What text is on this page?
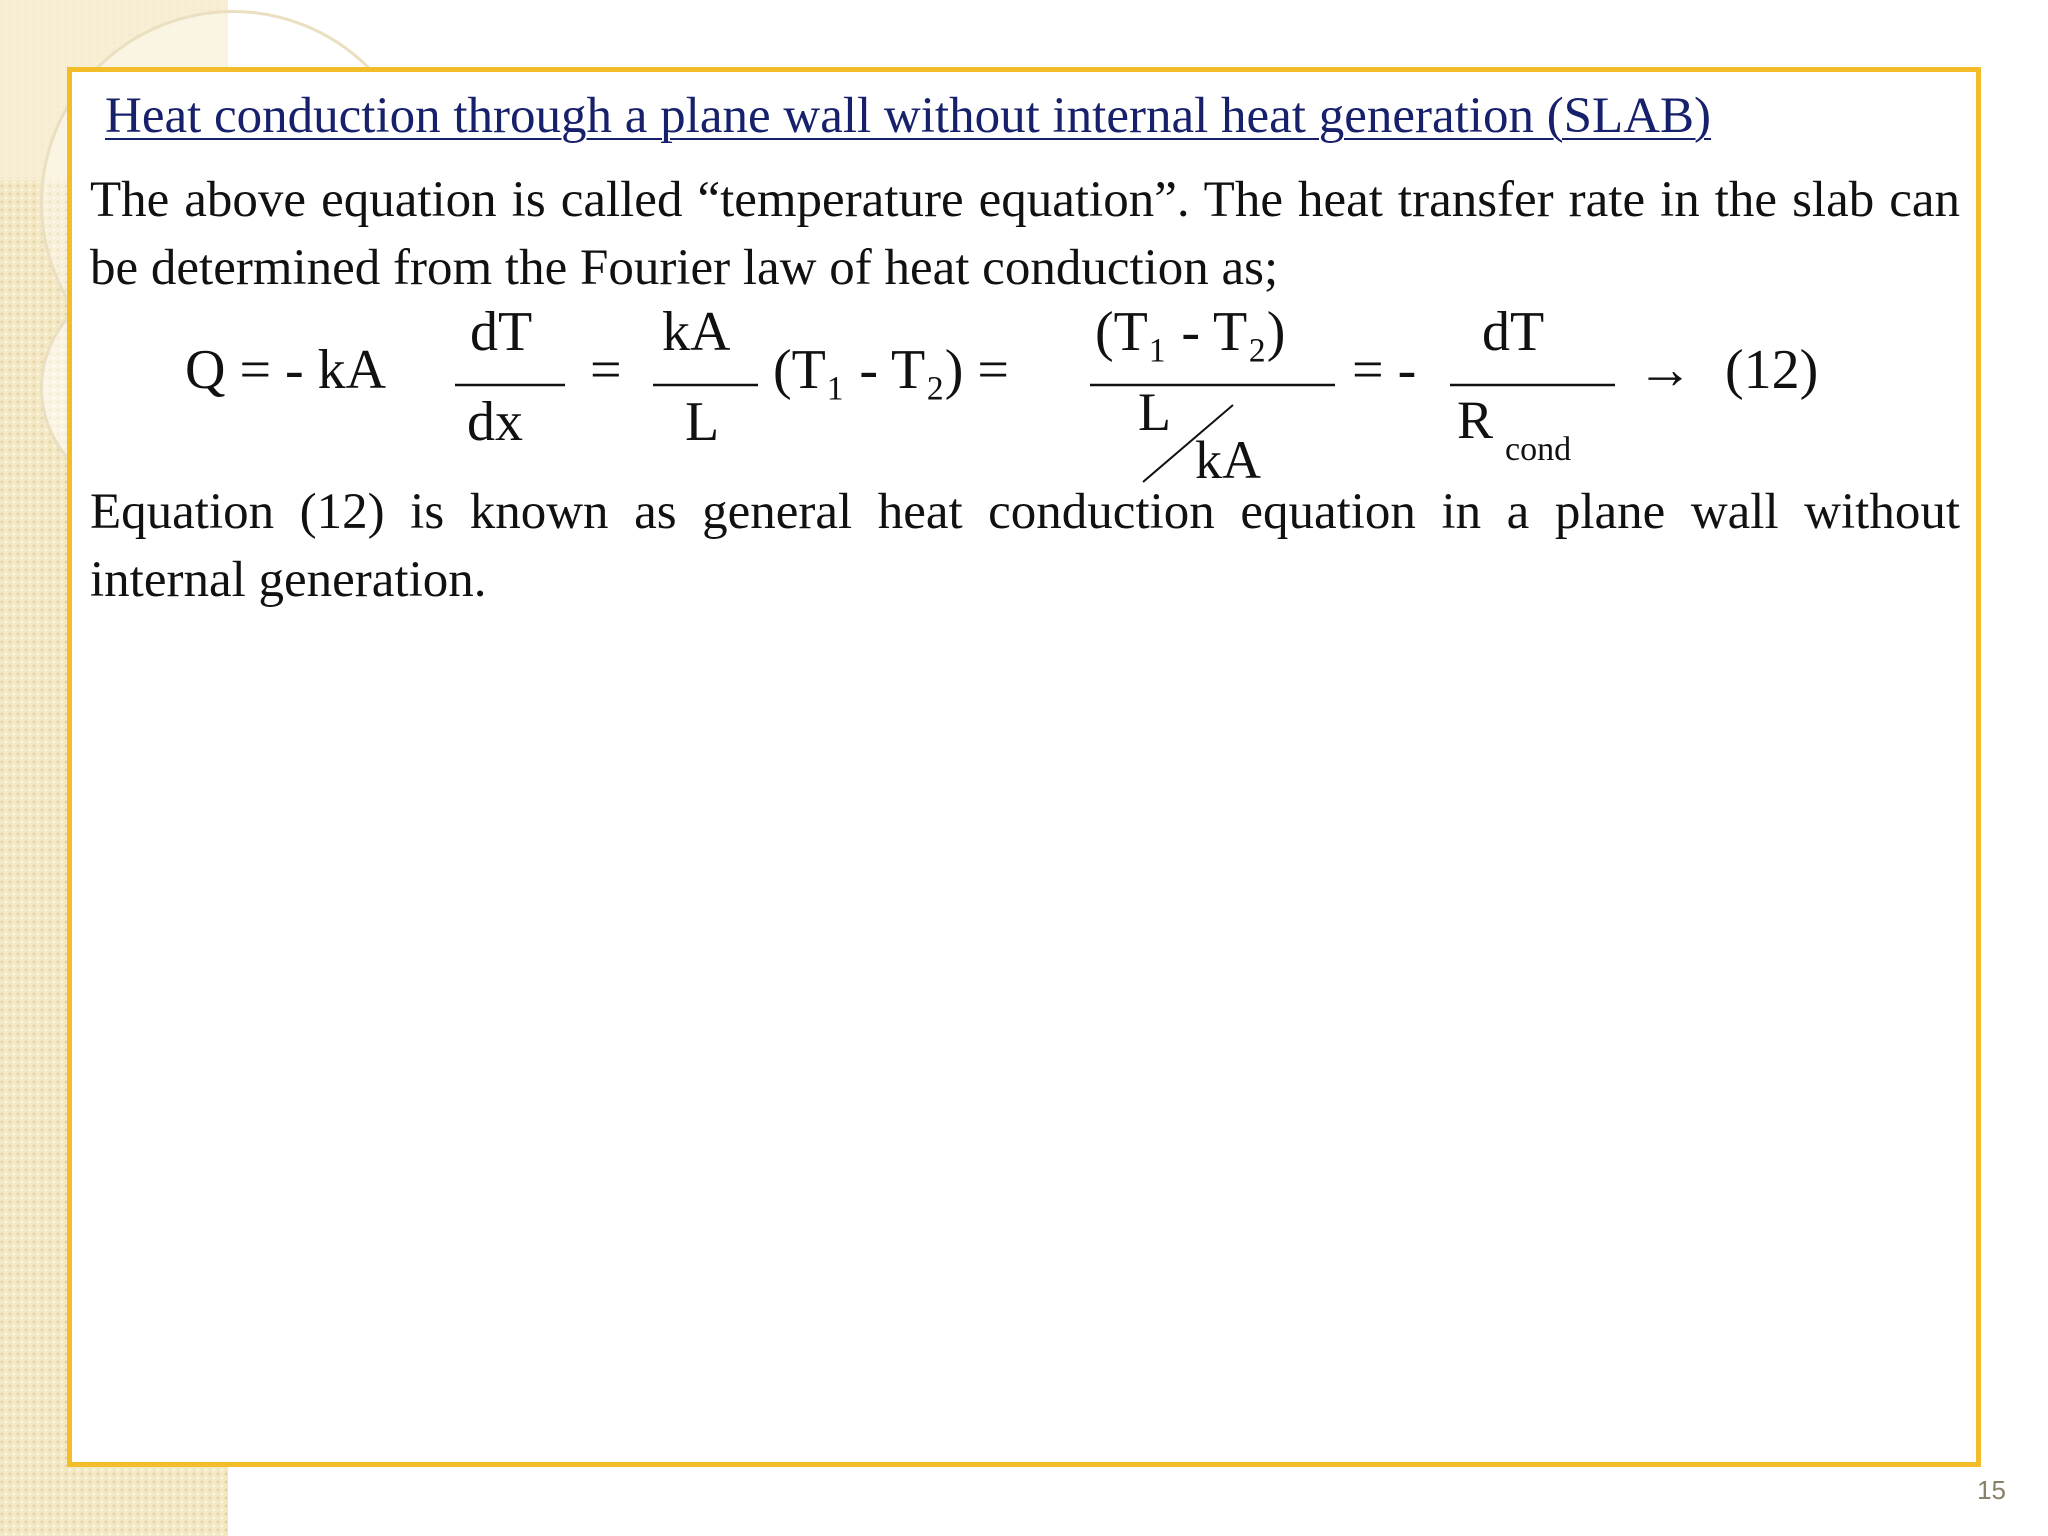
Heat conduction through a plane wall without internal heat generation (SLAB)
The above equation is called “temperature equation”. The heat transfer rate in the slab can be determined from the Fourier law of heat conduction as;
Q = - kA
dT
dx
=
kA
L
(T₁ - T₂) =
(T₁ - T₂)
L
kA
= -
dT
R cond
→ (12)
Equation (12) is known as general heat conduction equation in a plane wall without internal generation.
15
